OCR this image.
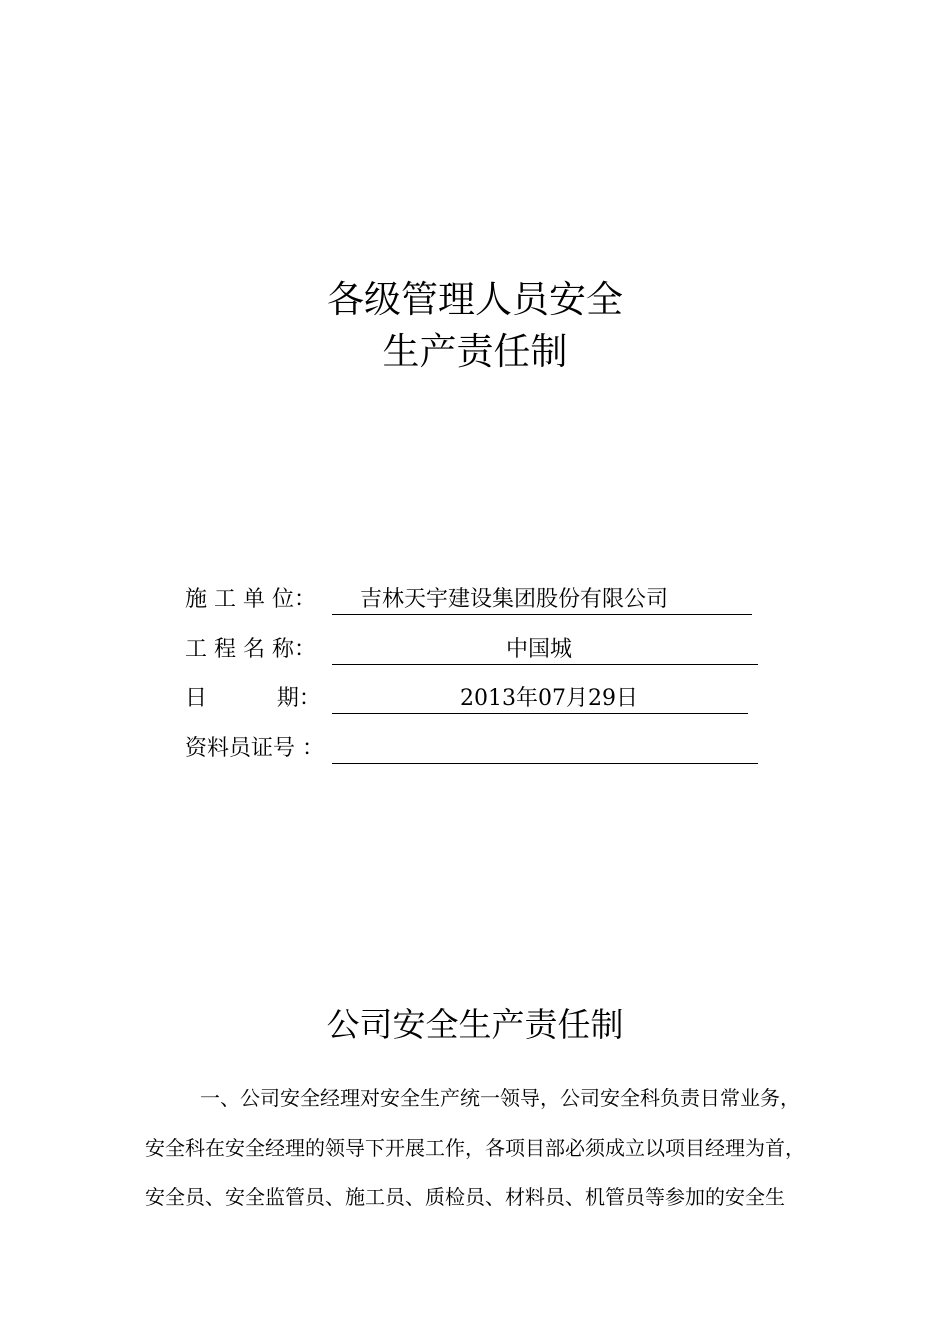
各级管理人员安全
生产责任制
施 工 单 位：

吉林天宇建设集团股份有限公司

工 程 名 称：

	中国城

日          期：

	2013年07月29日

资料员证号 ：

公司安全生产责任制
一、公司安全经理对安全生产统一领导，公司安全科负责日常业务，
安全科在安全经理的领导下开展工作，各项目部必须成立以项目经理为首，
安全员、安全监管员、施工员、质检员、材料员、机管员等参加的安全生
